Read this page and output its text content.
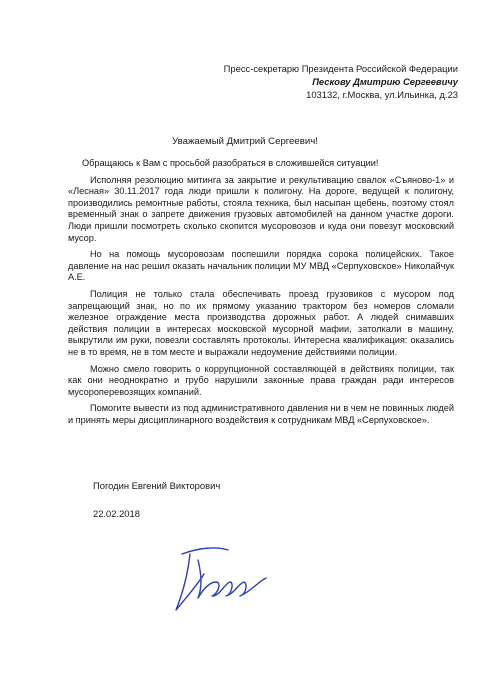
Пресс-секретарю Президента Российской Федерации
Пескову Дмитрию Сергеевичу
103132, г.Москва, ул.Ильинка, д.23
Уважаемый Дмитрий Сергеевич!

Обращаюсь к Вам с просьбой разобраться в сложившейся ситуации!

Исполняя резолюцию митинга за закрытие и рекультивацию свалок «Съяново-1» и «Лесная» 30.11.2017 года люди пришли к полигону. На дороге, ведущей к полигону, производились ремонтные работы, стояла техника, был насыпан щебень, поэтому стоял временный знак о запрете движения грузовых автомобилей на данном участке дороги. Люди пришли посмотреть сколько скопится мусоровозов и куда они повезут московский мусор.

Но на помощь мусоровозам поспешили порядка сорока полицейских. Такое давление на нас решил оказать начальник полиции МУ МВД «Серпуховское» Николайчук А.Е.

Полиция не только стала обеспечивать проезд грузовиков с мусором под запрещающий знак, но по их прямому указанию трактором без номеров сломали железное ограждение места производства дорожных работ. А людей снимавших действия полиции в интересах московской мусорной мафии, затолкали в машину, выкрутили им руки, повезли составлять протоколы. Интересна квалификация: оказались не в то время, не в том месте и выражали недоумение действиями полиции.

Можно смело говорить о коррупционной составляющей в действиях полиции, так как они неоднократно и грубо нарушили законные права граждан ради интересов мусороперевозящих компаний.

Помогите вывести из под административного давления ни в чем не повинных людей и принять меры дисциплинарного воздействия к сотрудникам МВД «Серпуховское».

Погодин Евгений Викторович
22.02.2018
